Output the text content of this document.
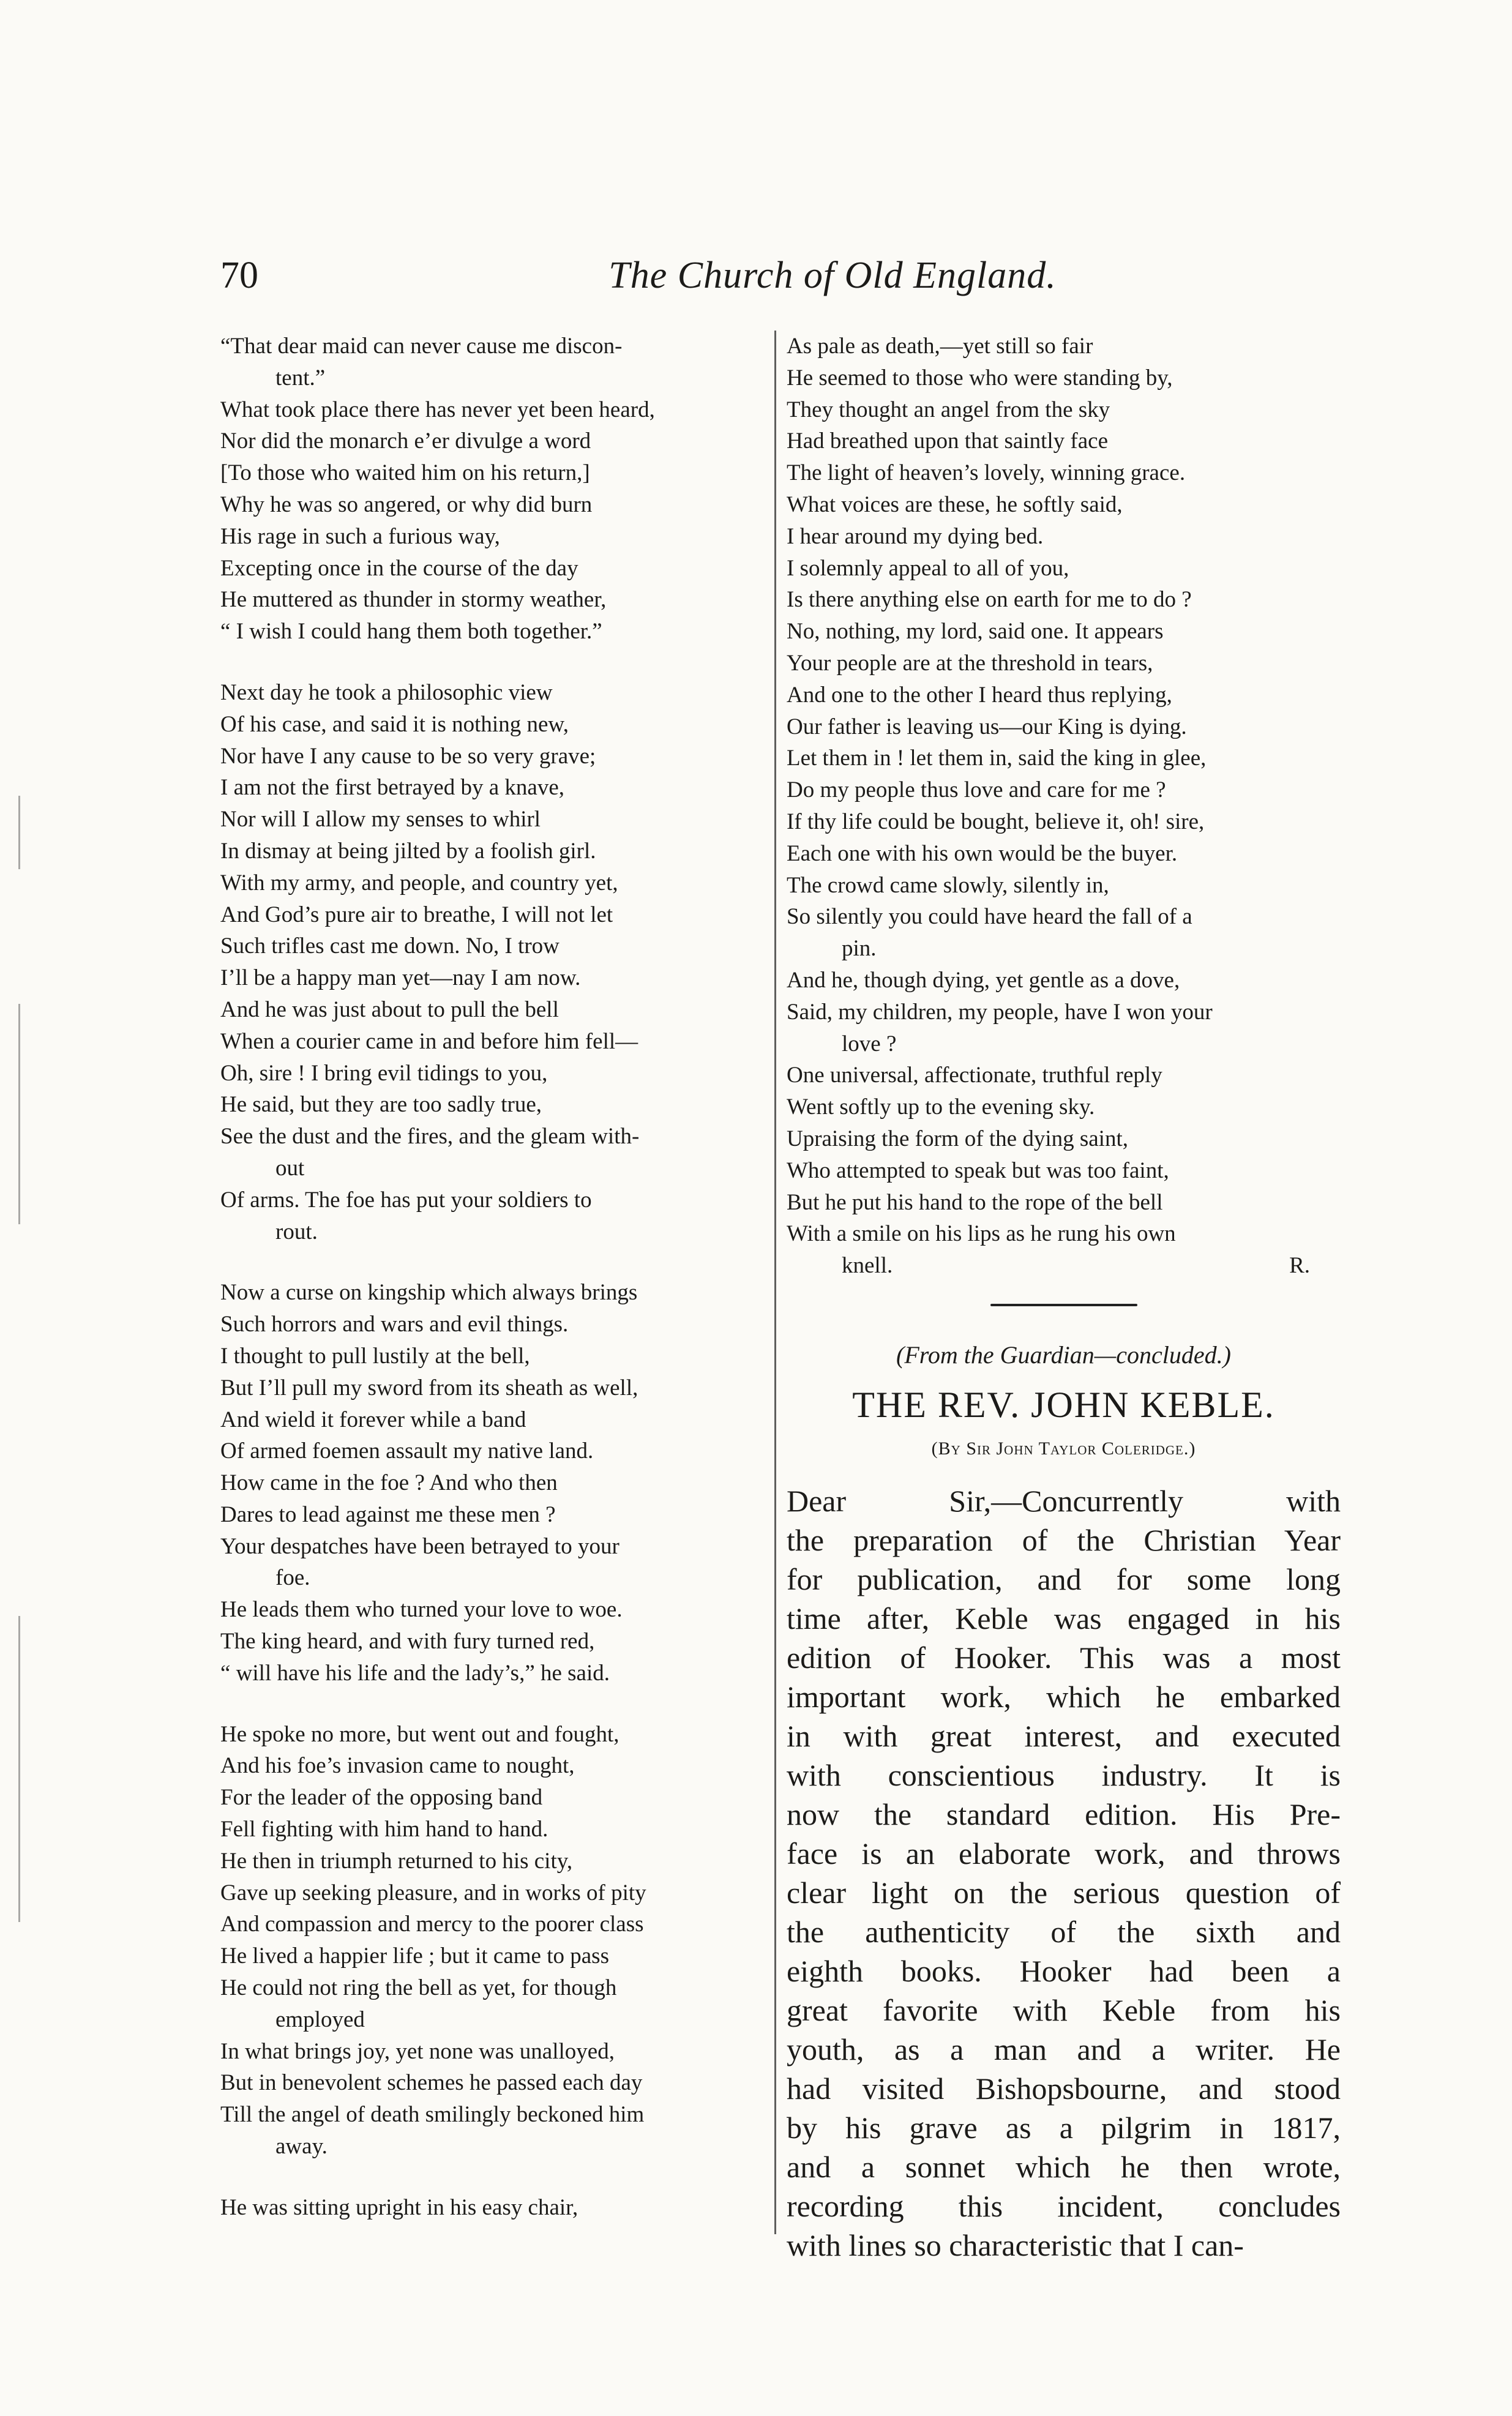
70	The Church of Old England.
“That dear maid can never cause me discon-
tent.”
What took place there has never yet been heard,
Nor did the monarch e’er divulge a word
[To those who waited him on his return,]
Why he was so angered, or why did burn
His rage in such a furious way,
Excepting once in the course of the day
He muttered as thunder in stormy weather,
“ I wish I could hang them both together.”
Next day he took a philosophic view
Of his case, and said it is nothing new,
Nor have I any cause to be so very grave;
I am not the first betrayed by a knave,
Nor will I allow my senses to whirl
In dismay at being jilted by a foolish girl.
With my army, and people, and country yet,
And God’s pure air to breathe, I will not let
Such trifles cast me down. No, I trow
I’ll be a happy man yet—nay I am now.
And he was just about to pull the bell
When a courier came in and before him fell—
Oh, sire ! I bring evil tidings to you,
He said, but they are too sadly true,
See the dust and the fires, and the gleam with-
out
Of arms. The foe has put your soldiers to
rout.
Now a curse on kingship which always brings
Such horrors and wars and evil things.
I thought to pull lustily at the bell,
But I’ll pull my sword from its sheath as well,
And wield it forever while a band
Of armed foemen assault my native land.
How came in the foe ? And who then
Dares to lead against me these men ?
Your despatches have been betrayed to your
foe.
He leads them who turned your love to woe.
The king heard, and with fury turned red,
“ will have his life and the lady’s,” he said.
He spoke no more, but went out and fought,
And his foe’s invasion came to nought,
For the leader of the opposing band
Fell fighting with him hand to hand.
He then in triumph returned to his city,
Gave up seeking pleasure, and in works of pity
And compassion and mercy to the poorer class
He lived a happier life ; but it came to pass
He could not ring the bell as yet, for though
employed
In what brings joy, yet none was unalloyed,
But in benevolent schemes he passed each day
Till the angel of death smilingly beckoned him
away.
He was sitting upright in his easy chair,
As pale as death,—yet still so fair
He seemed to those who were standing by,
They thought an angel from the sky
Had breathed upon that saintly face
The light of heaven’s lovely, winning grace.
What voices are these, he softly said,
I hear around my dying bed.
I solemnly appeal to all of you,
Is there anything else on earth for me to do ?
No, nothing, my lord, said one. It appears
Your people are at the threshold in tears,
And one to the other I heard thus replying,
Our father is leaving us—our King is dying.
Let them in ! let them in, said the king in glee,
Do my people thus love and care for me ?
If thy life could be bought, believe it, oh! sire,
Each one with his own would be the buyer.
The crowd came slowly, silently in,
So silently you could have heard the fall of a
pin.
And he, though dying, yet gentle as a dove,
Said, my children, my people, have I won your
love ?
One universal, affectionate, truthful reply
Went softly up to the evening sky.
Upraising the form of the dying saint,
Who attempted to speak but was too faint,
But he put his hand to the rope of the bell
With a smile on his lips as he rung his own
knell.	R.
(From the Guardian—concluded.)
THE REV. JOHN KEBLE.
(By Sir John Taylor Coleridge.)
Dear Sir,—Concurrently with
the preparation of the Christian Year
for publication, and for some long
time after, Keble was engaged in his
edition of Hooker. This was a most
important work, which he embarked
in with great interest, and executed
with conscientious industry. It is
now the standard edition. His Pre-
face is an elaborate work, and throws
clear light on the serious question of
the authenticity of the sixth and
eighth books. Hooker had been a
great favorite with Keble from his
youth, as a man and a writer. He
had visited Bishopsbourne, and stood
by his grave as a pilgrim in 1817,
and a sonnet which he then wrote,
recording this incident, concludes
with lines so characteristic that I can-
